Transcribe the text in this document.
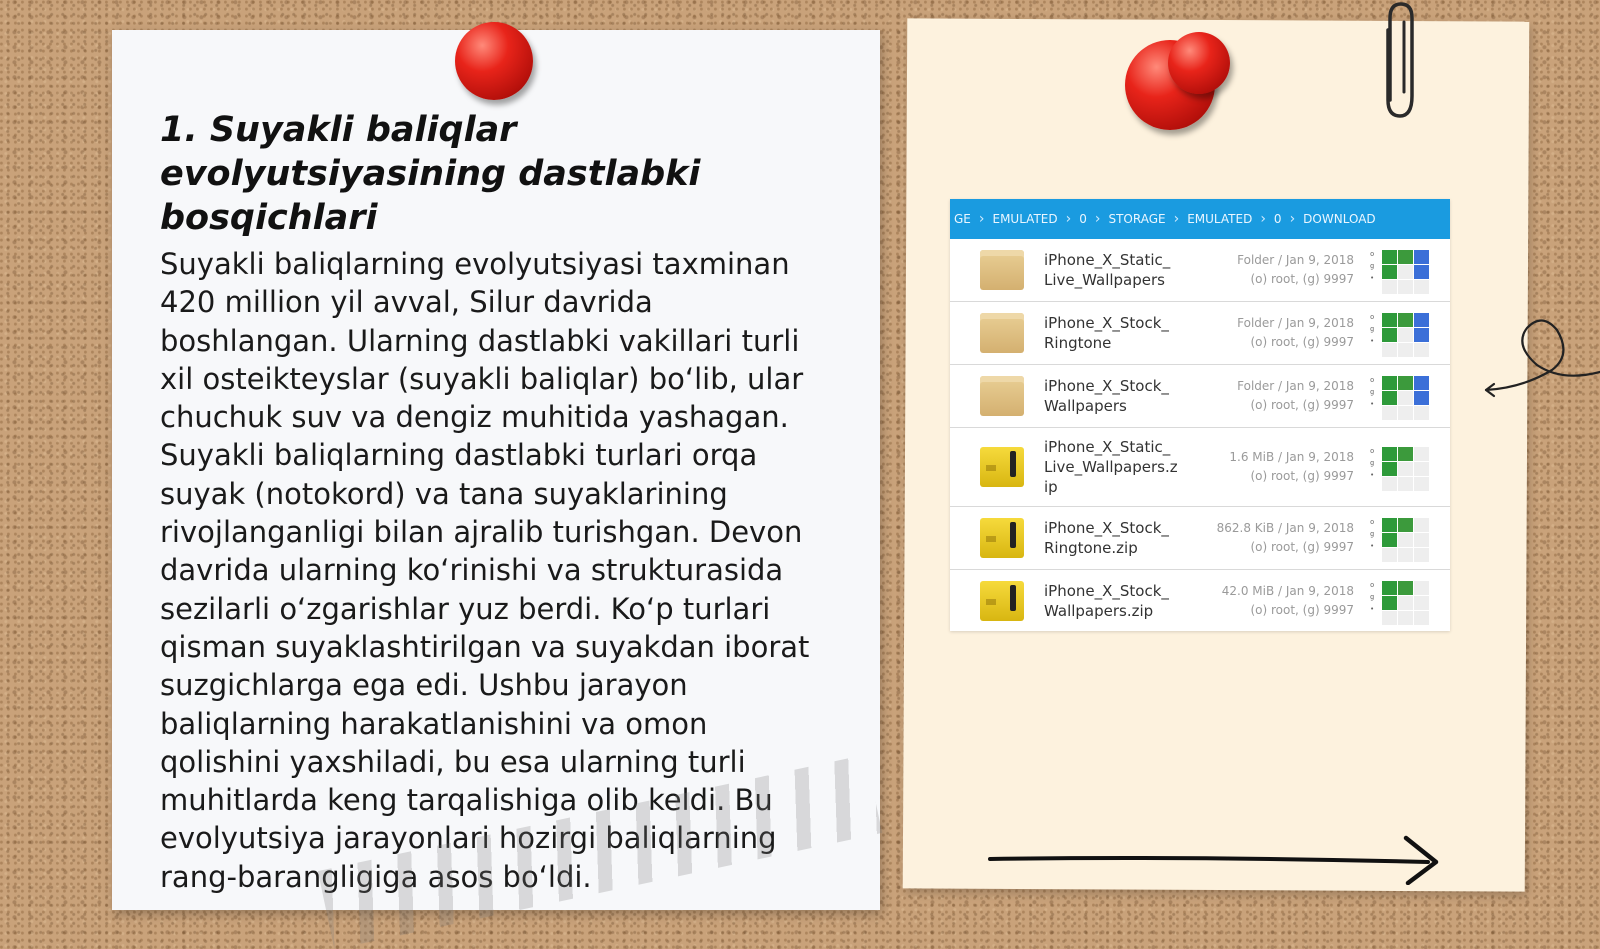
1. Suyakli baliqlar evolyutsiyasining dastlabki bosqichlari

Suyakli baliqlarning evolyutsiyasi taxminan 420 million yil avval, Silur davrida boshlangan. Ularning dastlabki vakillari turli xil osteikteyslar (suyakli baliqlar) bo‘lib, ular chuchuk suv va dengiz muhitida yashagan. Suyakli baliqlarning dastlabki turlari orqa suyak (notokord) va tana suyaklarining rivojlanganligi bilan ajralib turishgan. Devon davrida ularning ko‘rinishi va strukturasida sezilarli o‘zgarishlar yuz berdi. Ko‘p turlari qisman suyaklashtirilgan va suyakdan iborat suzgichlarga ega edi. Ushbu jarayon baliqlarning harakatlanishini va omon qolishini yaxshiladi, bu esa ularning turli muhitlarda keng tarqalishiga olib keldi. Bu evolyutsiya jarayonlari hozirgi baliqlarning rang-barangligiga asos bo‘ldi.

GE › EMULATED › 0 › STORAGE › EMULATED › 0 › DOWNLOAD
iPhone_X_Static_
Live_Wallpapers
Folder / Jan 9, 2018
(o) root, (g) 9997
o
g
•
iPhone_X_Stock_
Ringtone
Folder / Jan 9, 2018
(o) root, (g) 9997
o
g
•
iPhone_X_Stock_
Wallpapers
Folder / Jan 9, 2018
(o) root, (g) 9997
o
g
•
iPhone_X_Static_
Live_Wallpapers.z
ip
1.6 MiB / Jan 9, 2018
(o) root, (g) 9997
o
g
•
iPhone_X_Stock_
Ringtone.zip
862.8 KiB / Jan 9, 2018
(o) root, (g) 9997
o
g
•
iPhone_X_Stock_
Wallpapers.zip
42.0 MiB / Jan 9, 2018
(o) root, (g) 9997
o
g
•
